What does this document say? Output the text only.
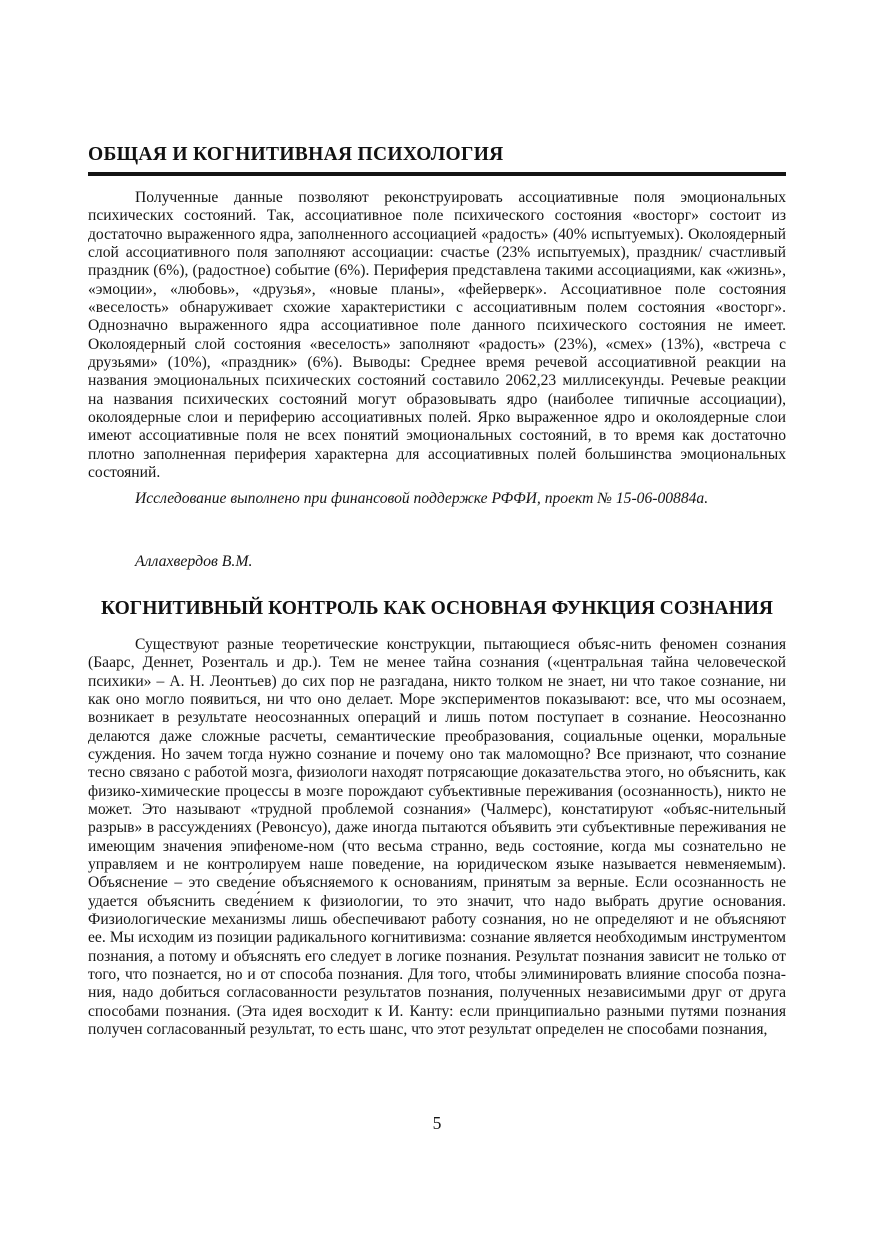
ОБЩАЯ И КОГНИТИВНАЯ ПСИХОЛОГИЯ

Полученные данные позволяют реконструировать ассоциативные поля эмоциональных психических состояний. Так, ассоциативное поле психического состояния «восторг» состоит из достаточно выраженного ядра, заполненного ассоциацией «радость» (40% испытуемых). Околоядерный слой ассоциативного поля заполняют ассоциации: счастье (23% испытуемых), праздник/ счастливый праздник (6%), (радостное) событие (6%). Периферия представлена такими ассоциациями, как «жизнь», «эмоции», «любовь», «друзья», «новые планы», «фейерверк». Ассоциативное поле состояния «веселость» обнаруживает схожие характеристики с ассоциативным полем состояния «восторг». Однозначно выраженного ядра ассоциативное поле данного психического состояния не имеет. Околоядерный слой состояния «веселость» заполняют «радость» (23%), «смех» (13%), «встреча с друзьями» (10%), «праздник» (6%). Выводы: Среднее время речевой ассоциативной реакции на названия эмоциональных психических состояний составило 2062,23 миллисекунды. Речевые реакции на названия психических состояний могут образовывать ядро (наиболее типичные ассоциации), околоядерные слои и периферию ассоциативных полей. Ярко выраженное ядро и околоядерные слои имеют ассоциативные поля не всех понятий эмоциональных состояний, в то время как достаточно плотно заполненная периферия характерна для ассоциативных полей большинства эмоциональных состояний.

Исследование выполнено при финансовой поддержке РФФИ, проект № 15-06-00884а.

Аллахвердов В.М.

КОГНИТИВНЫЙ КОНТРОЛЬ КАК ОСНОВНАЯ ФУНКЦИЯ СОЗНАНИЯ

Существуют разные теоретические конструкции, пытающиеся объяс-нить феномен сознания (Баарс, Деннет, Розенталь и др.). Тем не менее тайна сознания («центральная тайна человеческой психики» – А. Н. Леонтьев) до сих пор не разгадана, никто толком не знает, ни что такое сознание, ни как оно могло появиться, ни что оно делает. Море экспериментов показывают: все, что мы осознаем, возникает в результате неосознанных операций и лишь потом поступает в сознание. Неосознанно делаются даже сложные расчеты, семантические преобразования, социальные оценки, моральные суждения. Но зачем тогда нужно сознание и почему оно так маломощно? Все признают, что сознание тесно связано с работой мозга, физиологи находят потрясающие доказательства этого, но объяснить, как физико-химические процессы в мозге порождают субъективные переживания (осознанность), никто не может. Это называют «трудной проблемой сознания» (Чалмерс), констатируют «объяс-нительный разрыв» в рассуждениях (Ревонсуо), даже иногда пытаются объявить эти субъективные переживания не имеющим значения эпифеноме-ном (что весьма странно, ведь состояние, когда мы сознательно не управляем и не контролируем наше поведение, на юридическом языке называется невменяемым). Объяснение – это сведе́ние объясняемого к основаниям, принятым за верные. Если осознанность не удается объяснить сведе́нием к физиологии, то это значит, что надо выбрать другие основания. Физиологические механизмы лишь обеспечивают работу сознания, но не определяют и не объясняют ее. Мы исходим из позиции радикального когнитивизма: сознание является необходимым инструментом познания, а потому и объяснять его следует в логике познания. Результат познания зависит не только от того, что познается, но и от способа познания. Для того, чтобы элиминировать влияние способа позна-ния, надо добиться согласованности результатов познания, полученных независимыми друг от друга способами познания. (Эта идея восходит к И. Канту: если принципиально разными путями познания получен согласованный результат, то есть шанс, что этот результат определен не способами познания,

5
